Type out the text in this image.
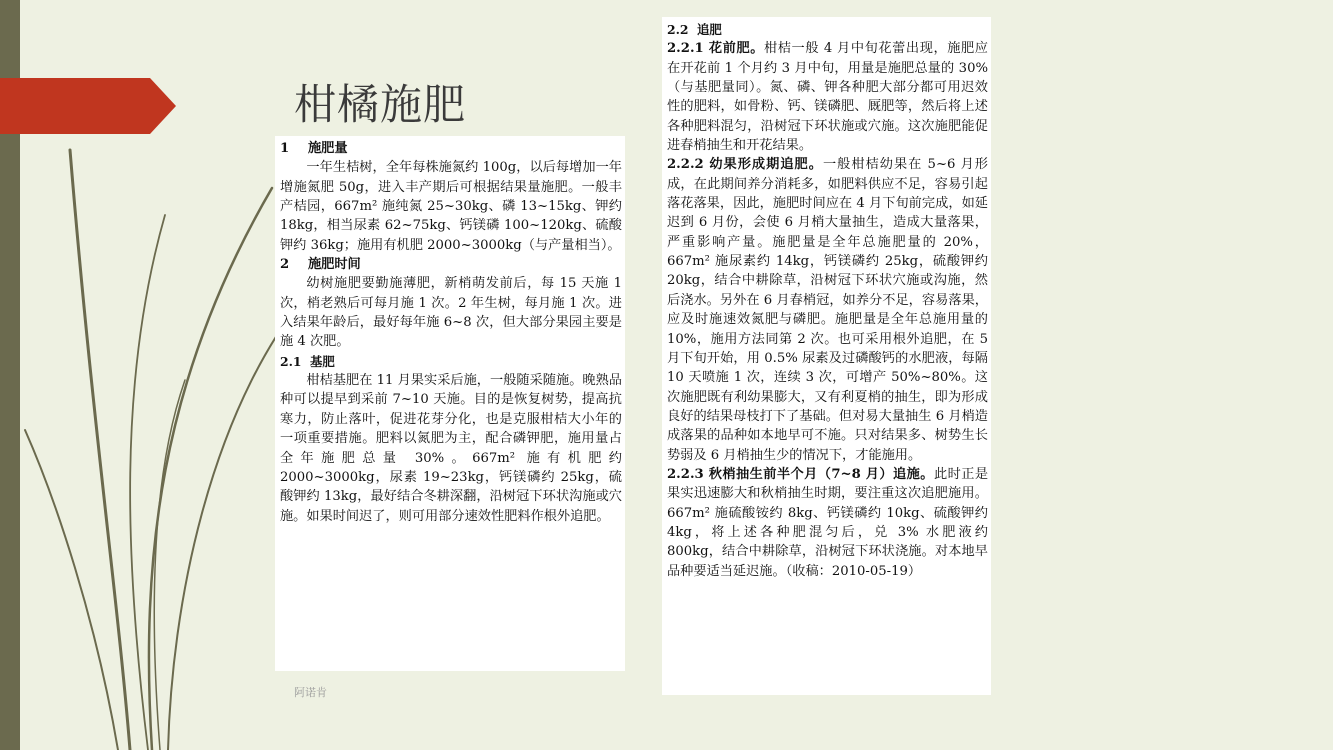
柑橘施肥

1 施肥量

一年生桔树，全年每株施氮约 100g，以后每增加一年增施氮肥 50g，进入丰产期后可根据结果量施肥。一般丰产桔园，667m² 施纯氮 25~30kg、磷 13~15kg、钾约 18kg，相当尿素 62~75kg、钙镁磷 100~120kg、硫酸钾约 36kg；施用有机肥 2000~3000kg（与产量相当）。

2 施肥时间

幼树施肥要勤施薄肥，新梢萌发前后，每 15 天施 1 次，梢老熟后可每月施 1 次。2 年生树，每月施 1 次。进入结果年龄后，最好每年施 6~8 次，但大部分果园主要是施 4 次肥。

2.1 基肥

柑桔基肥在 11 月果实采后施，一般随采随施。晚熟品种可以提早到采前 7~10 天施。目的是恢复树势，提高抗寒力，防止落叶，促进花芽分化，也是克服柑桔大小年的一项重要措施。肥料以氮肥为主，配合磷钾肥，施用量占全年施肥总量 30%。667m² 施有机肥约 2000~3000kg，尿素 19~23kg，钙镁磷约 25kg，硫酸钾约 13kg，最好结合冬耕深翻，沿树冠下环状沟施或穴施。如果时间迟了，则可用部分速效性肥料作根外追肥。

2.2 追肥

2.2.1 花前肥。柑桔一般 4 月中旬花蕾出现，施肥应在开花前 1 个月约 3 月中旬，用量是施肥总量的 30%（与基肥量同）。氮、磷、钾各种肥大部分都可用迟效性的肥料，如骨粉、钙、镁磷肥、厩肥等，然后将上述各种肥料混匀，沿树冠下环状施或穴施。这次施肥能促进春梢抽生和开花结果。

2.2.2 幼果形成期追肥。一般柑桔幼果在 5~6 月形成，在此期间养分消耗多，如肥料供应不足，容易引起落花落果，因此，施肥时间应在 4 月下旬前完成，如延迟到 6 月份，会使 6 月梢大量抽生，造成大量落果，严重影响产量。施肥量是全年总施肥量的 20%，667m² 施尿素约 14kg，钙镁磷约 25kg，硫酸钾约 20kg，结合中耕除草，沿树冠下环状穴施或沟施，然后浇水。另外在 6 月春梢冠，如养分不足，容易落果，应及时施速效氮肥与磷肥。施肥量是全年总施用量的 10%，施用方法同第 2 次。也可采用根外追肥，在 5 月下旬开始，用 0.5% 尿素及过磷酸钙的水肥液，每隔 10 天喷施 1 次，连续 3 次，可增产 50%~80%。这次施肥既有利幼果膨大，又有利夏梢的抽生，即为形成良好的结果母枝打下了基础。但对易大量抽生 6 月梢造成落果的品种如本地早可不施。只对结果多、树势生长势弱及 6 月梢抽生少的情况下，才能施用。

2.2.3 秋梢抽生前半个月（7~8 月）追施。此时正是果实迅速膨大和秋梢抽生时期，要注重这次追肥施用。667m² 施硫酸铵约 8kg、钙镁磷约 10kg、硫酸钾约 4kg，将上述各种肥混匀后，兑 3% 水肥液约 800kg，结合中耕除草，沿树冠下环状浇施。对本地早品种要适当延迟施。（收稿：2010-05-19）

阿诺肯
